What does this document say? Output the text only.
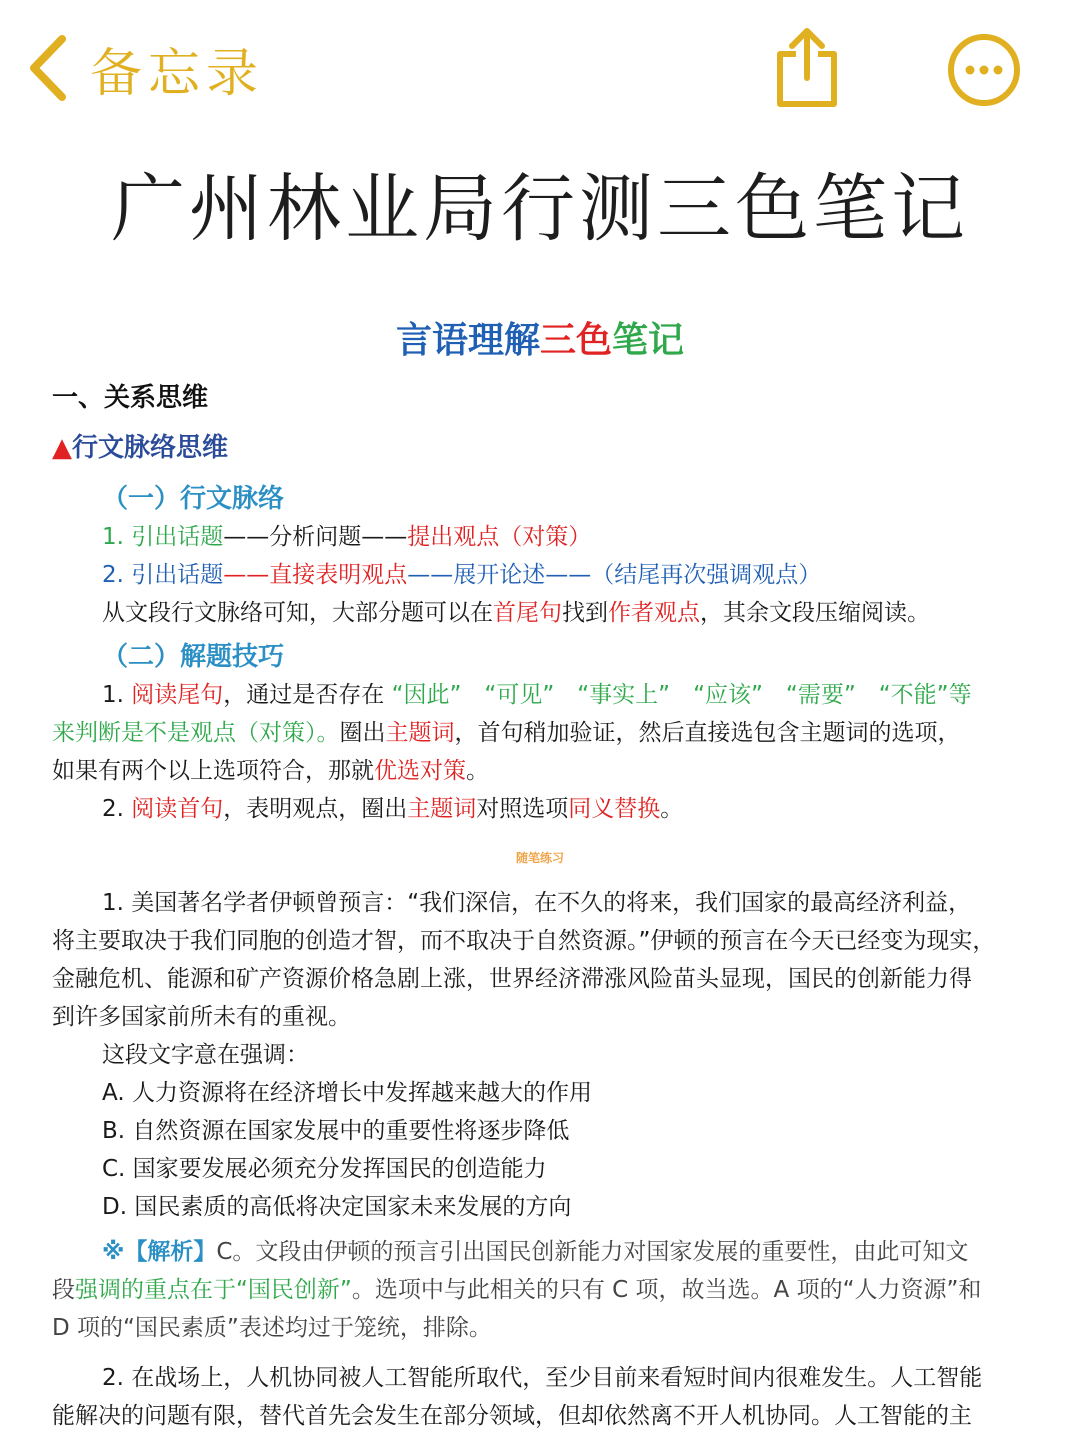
备忘录
广州林业局行测三色笔记
言语理解三色笔记
一、关系思维
▲行文脉络思维
（一）行文脉络
1. 引出话题——分析问题——提出观点（对策）
2. 引出话题——直接表明观点——展开论述——（结尾再次强调观点）
从文段行文脉络可知，大部分题可以在首尾句找到作者观点，其余文段压缩阅读。
（二）解题技巧
1. 阅读尾句，通过是否存在 “因此”　“可见”　“事实上”　“应该”　“需要”　“不能”等
来判断是不是观点（对策）。圈出主题词，首句稍加验证，然后直接选包含主题词的选项，
如果有两个以上选项符合，那就优选对策。
2. 阅读首句，表明观点，圈出主题词对照选项同义替换。
随笔练习
1. 美国著名学者伊顿曾预言：“我们深信，在不久的将来，我们国家的最高经济利益，
将主要取决于我们同胞的创造才智，而不取决于自然资源。”伊顿的预言在今天已经变为现实，
金融危机、能源和矿产资源价格急剧上涨，世界经济滞涨风险苗头显现，国民的创新能力得
到许多国家前所未有的重视。
这段文字意在强调：
A. 人力资源将在经济增长中发挥越来越大的作用
B. 自然资源在国家发展中的重要性将逐步降低
C. 国家要发展必须充分发挥国民的创造能力
D. 国民素质的高低将决定国家未来发展的方向
※【解析】C。文段由伊顿的预言引出国民创新能力对国家发展的重要性，由此可知文
段强调的重点在于“国民创新”。选项中与此相关的只有 C 项，故当选。A 项的“人力资源”和
D 项的“国民素质”表述均过于笼统，排除。
2. 在战场上，人机协同被人工智能所取代，至少目前来看短时间内很难发生。人工智能
能解决的问题有限，替代首先会发生在部分领域，但却依然离不开人机协同。人工智能的主
